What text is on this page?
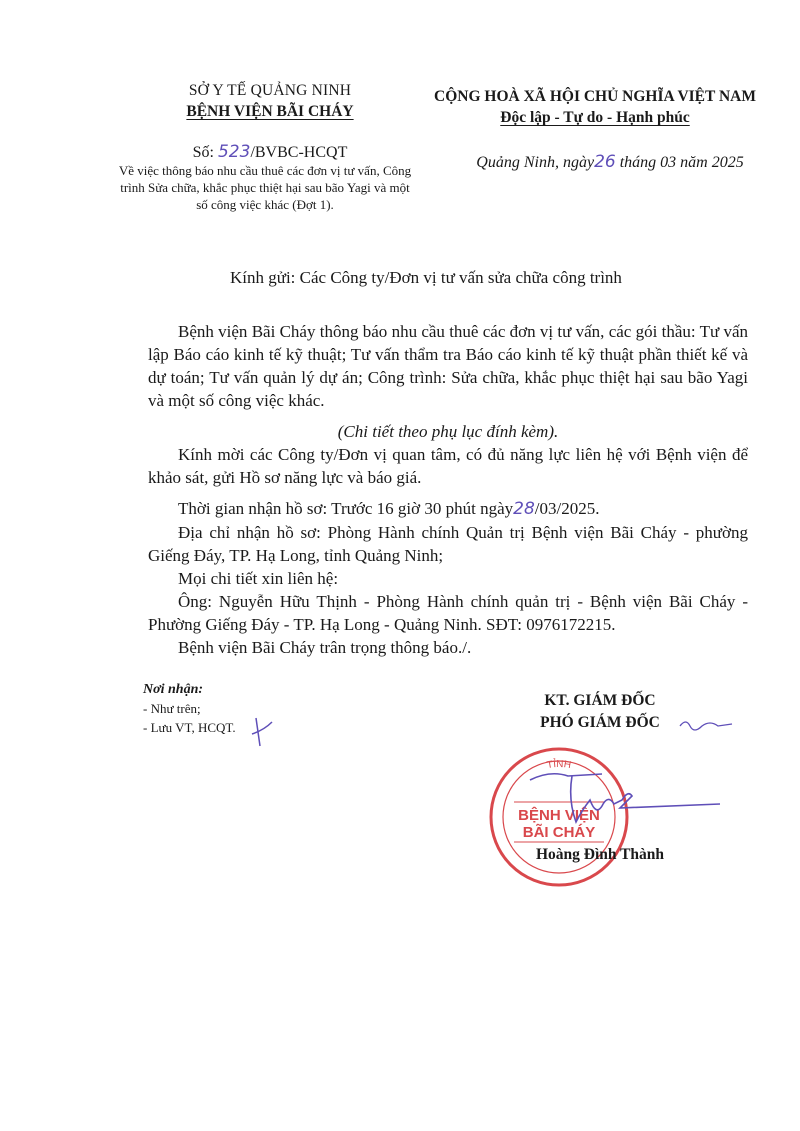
SỞ Y TẾ QUẢNG NINH
BỆNH VIỆN BÃI CHÁY
CỘNG HOÀ XÃ HỘI CHỦ NGHĨA VIỆT NAM
Độc lập - Tự do - Hạnh phúc
Số: 523/BVBC-HCQT
Về việc thông báo nhu cầu thuê các đơn vị tư vấn, Công trình Sửa chữa, khắc phục thiệt hại sau bão Yagi và một số công việc khác (Đợt 1).
Quảng Ninh, ngày26 tháng 03 năm 2025
Kính gửi: Các Công ty/Đơn vị tư vấn sửa chữa công trình

Bệnh viện Bãi Cháy thông báo nhu cầu thuê các đơn vị tư vấn, các gói thầu: Tư vấn lập Báo cáo kinh tế kỹ thuật; Tư vấn thẩm tra Báo cáo kinh tế kỹ thuật phần thiết kế và dự toán; Tư vấn quản lý dự án; Công trình: Sửa chữa, khắc phục thiệt hại sau bão Yagi và một số công việc khác.

(Chi tiết theo phụ lục đính kèm).

Kính mời các Công ty/Đơn vị quan tâm, có đủ năng lực liên hệ với Bệnh viện để khảo sát, gửi Hồ sơ năng lực và báo giá.

Thời gian nhận hồ sơ: Trước 16 giờ 30 phút ngày28/03/2025.

Địa chỉ nhận hồ sơ: Phòng Hành chính Quản trị Bệnh viện Bãi Cháy - phường Giếng Đáy, TP. Hạ Long, tỉnh Quảng Ninh;

Mọi chi tiết xin liên hệ:

Ông: Nguyễn Hữu Thịnh - Phòng Hành chính quản trị - Bệnh viện Bãi Cháy - Phường Giếng Đáy - TP. Hạ Long - Quảng Ninh. SĐT: 0976172215.

Bệnh viện Bãi Cháy trân trọng thông báo./.

Nơi nhận:
- Như trên;
- Lưu VT, HCQT.
KT. GIÁM ĐỐC
PHÓ GIÁM ĐỐC
TỈNH
BỆNH VIỆN
BÃI CHÁY
Hoàng Đình Thành
